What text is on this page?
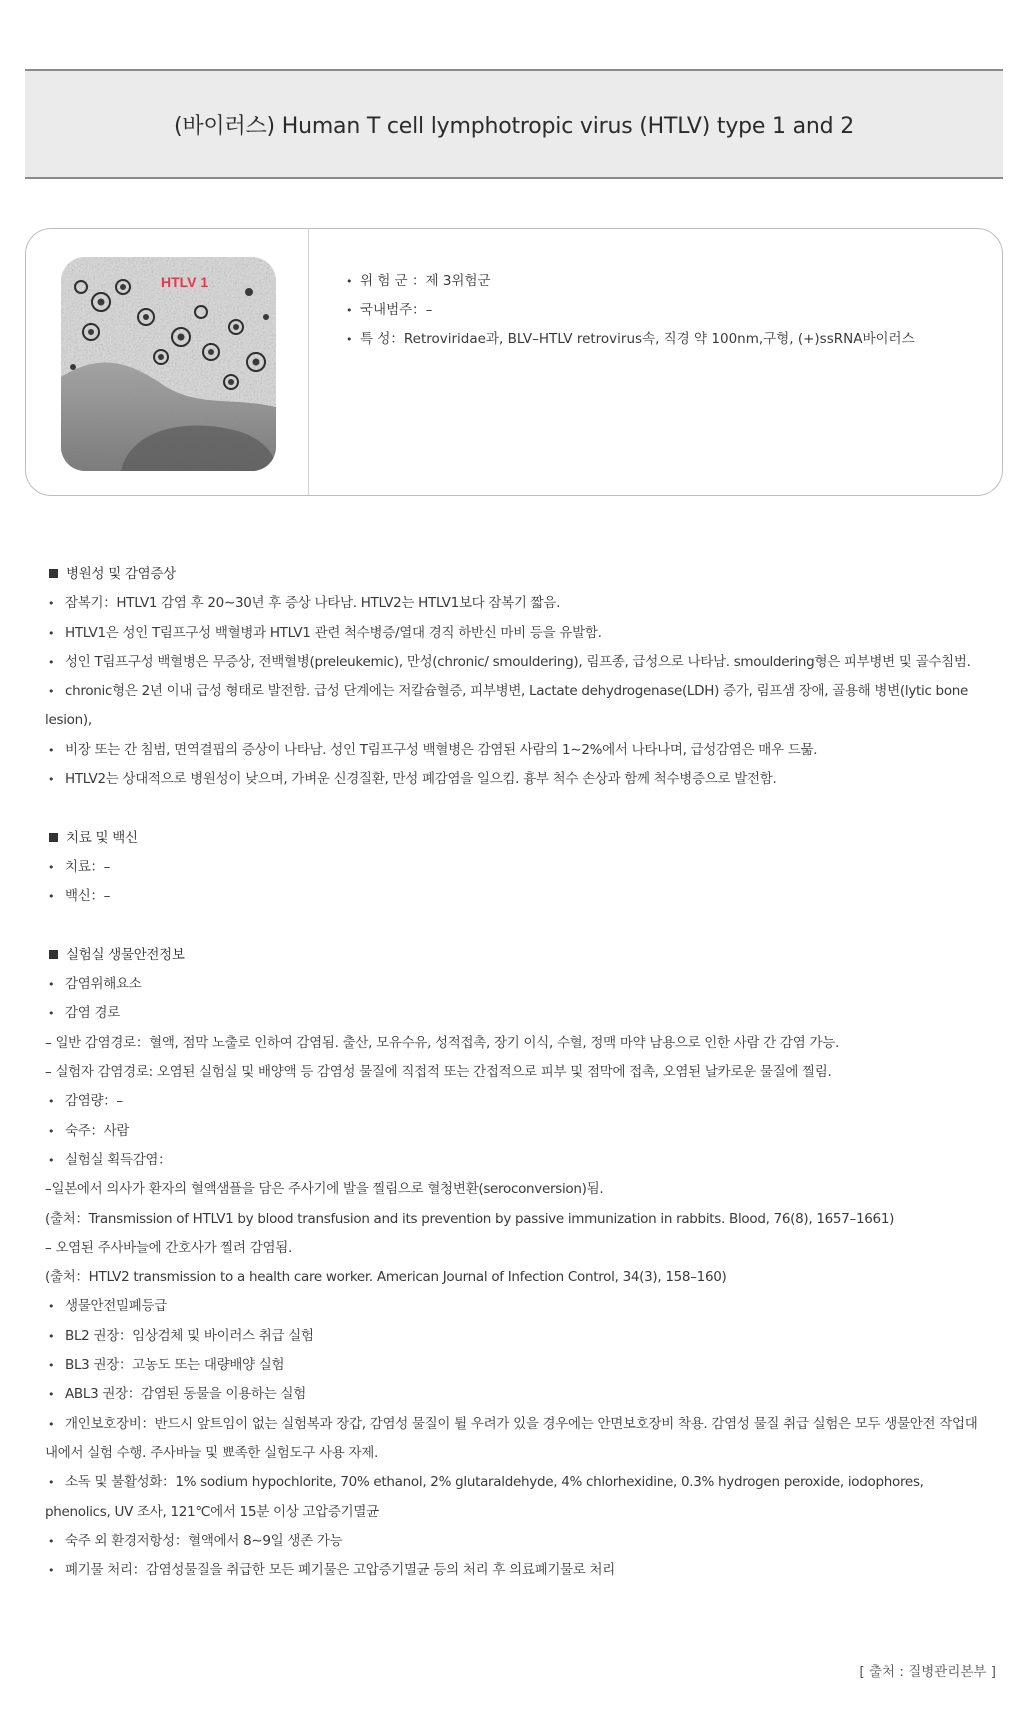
(바이러스) Human T cell lymphotropic virus (HTLV) type 1 and 2
HTLV 1	• 위 험 군 ：제 3위험군
• 국내범주：–
• 특 성：Retroviridae과, BLV–HTLV retrovirus속, 직경 약 100nm,구형, (+)ssRNA바이러스
병원성 및 감염증상
• 잠복기：HTLV1 감염 후 20∼30년 후 증상 나타남. HTLV2는 HTLV1보다 잠복기 짧음.
• HTLV1은 성인 T림프구성 백혈병과 HTLV1 관련 척수병증/열대 경직 하반신 마비 등을 유발함.
• 성인 T림프구성 백혈병은 무증상, 전백혈병(preleukemic), 만성(chronic/ smouldering), 림프종, 급성으로 나타남. smouldering형은 피부병변 및 골수침범.
• chronic형은 2년 이내 급성 형태로 발전함. 급성 단계에는 저칼슘혈증, 피부병변, Lactate dehydrogenase(LDH) 증가, 림프샘 장애, 골용해 병변(lytic bone lesion),
• 비장 또는 간 침범, 면역결핍의 증상이 나타남. 성인 T림프구성 백혈병은 감염된 사람의 1∼2%에서 나타나며, 급성감염은 매우 드묾.
• HTLV2는 상대적으로 병원성이 낮으며, 가벼운 신경질환, 만성 폐감염을 일으킴. 흉부 척수 손상과 함께 척수병증으로 발전함.
치료 및 백신
• 치료：–
• 백신：–
실험실 생물안전정보
• 감염위해요소
• 감염 경로
– 일반 감염경로：혈액, 점막 노출로 인하여 감염됨. 출산, 모유수유, 성적접촉, 장기 이식, 수혈, 정맥 마약 남용으로 인한 사람 간 감염 가능.
– 실험자 감염경로: 오염된 실험실 및 배양액 등 감염성 물질에 직접적 또는 간접적으로 피부 및 점막에 접촉, 오염된 날카로운 물질에 찔림.
• 감염량：–
• 숙주：사람
• 실험실 획득감염：
–일본에서 의사가 환자의 혈액샘플을 담은 주사기에 발을 찔림으로 혈청변환(seroconversion)됨.
(출처：Transmission of HTLV1 by blood transfusion and its prevention by passive immunization in rabbits. Blood, 76(8), 1657–1661)
– 오염된 주사바늘에 간호사가 찔려 감염됨.
(출처：HTLV2 transmission to a health care worker. American Journal of Infection Control, 34(3), 158–160)
• 생물안전밀폐등급
• BL2 권장：임상검체 및 바이러스 취급 실험
• BL3 권장：고농도 또는 대량배양 실험
• ABL3 권장：감염된 동물을 이용하는 실험
• 개인보호장비：반드시 앞트임이 없는 실험복과 장갑, 감염성 물질이 튈 우려가 있을 경우에는 안면보호장비 착용. 감염성 물질 취급 실험은 모두 생물안전 작업대 내에서 실험 수행. 주사바늘 및 뾰족한 실험도구 사용 자제.
• 소독 및 불활성화：1% sodium hypochlorite, 70% ethanol, 2% glutaraldehyde, 4% chlorhexidine, 0.3% hydrogen peroxide, iodophores, phenolics, UV 조사, 121℃에서 15분 이상 고압증기멸균
• 숙주 외 환경저항성：혈액에서 8∼9일 생존 가능
• 폐기물 처리：감염성물질을 취급한 모든 폐기물은 고압증기멸균 등의 처리 후 의료폐기물로 처리
[ 출처 : 질병관리본부 ]
